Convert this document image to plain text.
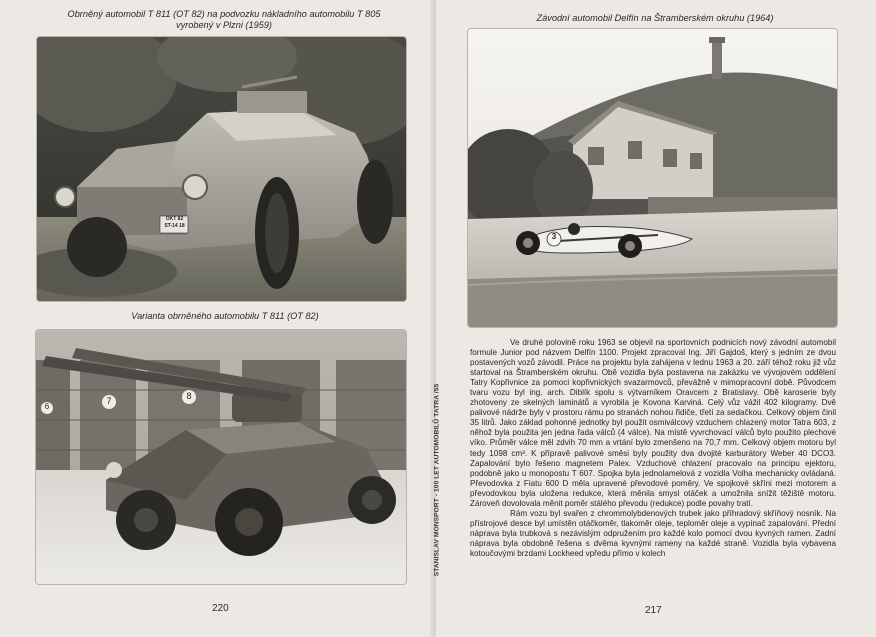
Obrněný automobil T 811 (OT 82) na podvozku nákladního automobilu T 805 vyrobený v Plzni (1959)
OKT 82
ST-14 18
Varianta obrněného automobilu T 811 (OT 82)
6
7	8
220
Závodní automobil Delfín na Štramberském okruhu (1964)
3
STANISLAV MONSPORT - 100 LET AUTOMOBILŮ TATRA /55

Ve druhé polovině roku 1963 se objevil na sportovních podnicích nový závodní automobil formule Junior pod názvem Delfín 1100. Projekt zpracoval Ing. Jiří Gajdoš, který s jedním ze dvou postavených vozů závodil. Práce na projektu byla zahájena v lednu 1963 a 20. září téhož roku již vůz startoval na Štramberském okruhu. Obě vozidla byla postavena na zakázku ve vývojovém oddělení Tatry Kopřivnice za pomoci kopřivnických svazarmovců, převážně v mimopracovní době. Původcem tvaru vozu byl ing. arch. Diblík spolu s výtvarníkem Oravcem z Bratislavy. Obě karoserie byly zhotoveny ze skelných laminátů a vyrobila je Kovona Karviná. Celý vůz vážil 402 kilogramy. Dvě palivové nádrže byly v prostoru rámu po stranách nohou řidiče, třetí za sedačkou. Celkový objem činil 35 litrů. Jako základ pohonné jednotky byl použit osmiválcový vzduchem chlazený motor Tatra 603, z něhož byla použita jen jedna řada válců (4 válce). Na místě vyvrchovací válců bylo použito plechové víko. Průměr válce měl zdvih 70 mm a vrtání bylo zmenšeno na 70,7 mm. Celkový objem motoru byl tedy 1098 cm³. K přípravě palivové směsi byly použity dva dvojité karburátory Weber 40 DCO3. Zapalování bylo řešeno magnetem Palex. Vzduchové chlazení pracovalo na principu ejektoru, podobně jako u monopostu T 607. Spojka byla jednolamelová z vozidla Volha mechanicky ovládaná. Převodovka z Fiatu 600 D měla upravené převodové poměry. Ve spojkové skříni mezi motorem a převodovkou byla uložena redukce, která měnila smysl otáček a umožnila snížit těžiště motoru. Zároveň dovolovala měnit poměr stálého převodu (redukce) podle povahy tratí.

Rám vozu byl svařen z chrommolybdenových trubek jako příhradový skříňový nosník. Na přístrojové desce byl umístěn otáčkoměr, tlakoměr oleje, teploměr oleje a vypínač zapalování. Přední náprava byla trubková s nezávislým odpružením pro každé kolo pomocí dvou kyvných ramen. Zadní náprava byla obdobně řešena s dvěma kyvnými rameny na každé straně. Vozidla byla vybavena kotoučovými brzdami Lockheed vpředu přímo v kolech

217
